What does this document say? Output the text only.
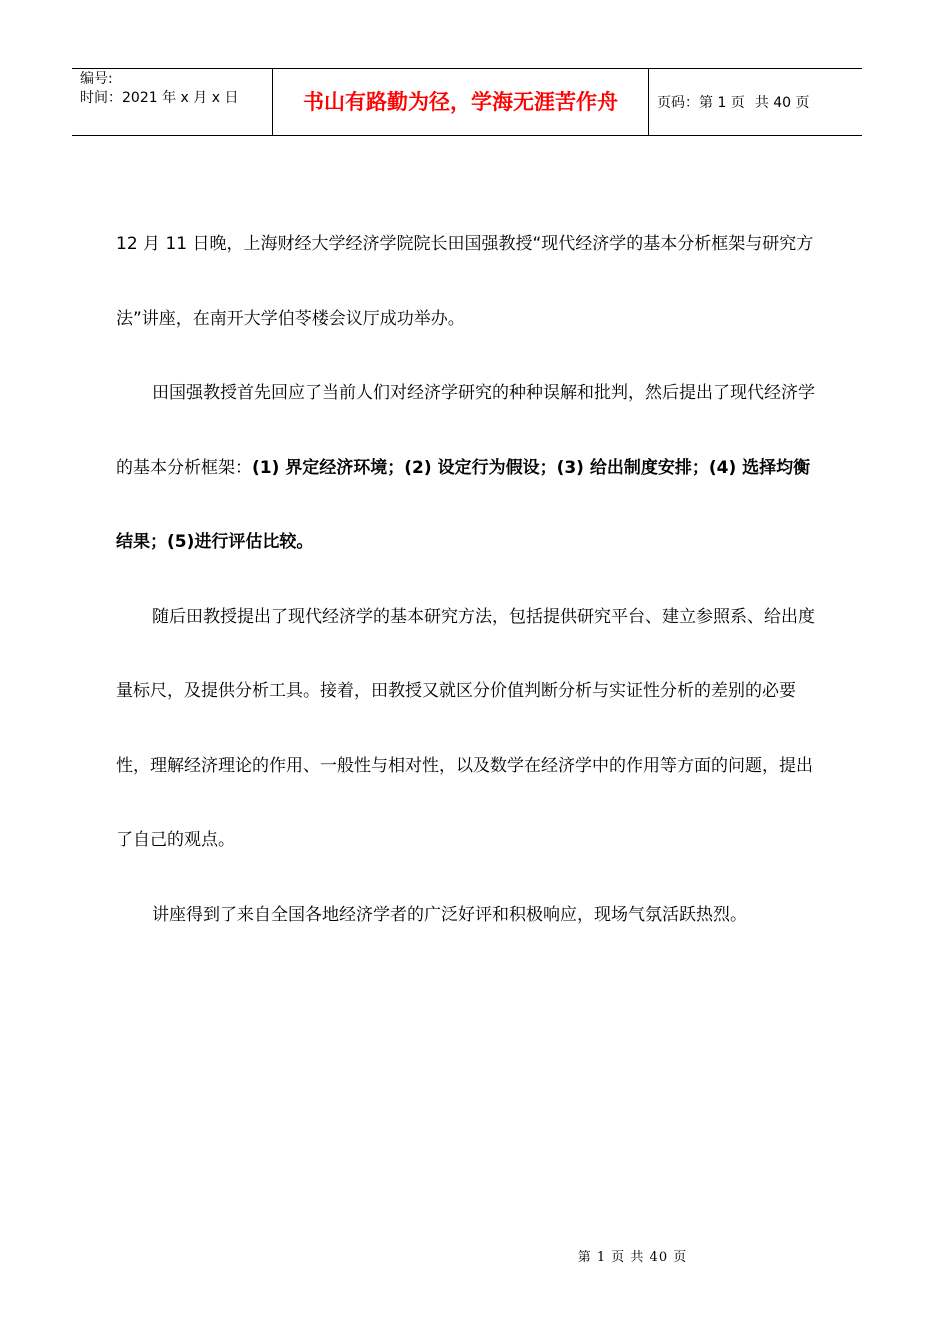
编号:
时间：2021 年 x 月 x 日	书山有路勤为径，学海无涯苦作舟	页码：第 1 页 共 40 页

12 月 11 日晚，上海财经大学经济学院院长田国强教授“现代经济学的基本分析框架与研究方法”讲座，在南开大学伯苓楼会议厅成功举办。

田国强教授首先回应了当前人们对经济学研究的种种误解和批判，然后提出了现代经济学的基本分析框架：(1) 界定经济环境；(2) 设定行为假设；(3) 给出制度安排；(4) 选择均衡结果；(5)进行评估比较。

随后田教授提出了现代经济学的基本研究方法，包括提供研究平台、建立参照系、给出度量标尺，及提供分析工具。接着，田教授又就区分价值判断分析与实证性分析的差别的必要性，理解经济理论的作用、一般性与相对性，以及数学在经济学中的作用等方面的问题，提出了自己的观点。

讲座得到了来自全国各地经济学者的广泛好评和积极响应，现场气氛活跃热烈。

第 1 页 共 40 页
